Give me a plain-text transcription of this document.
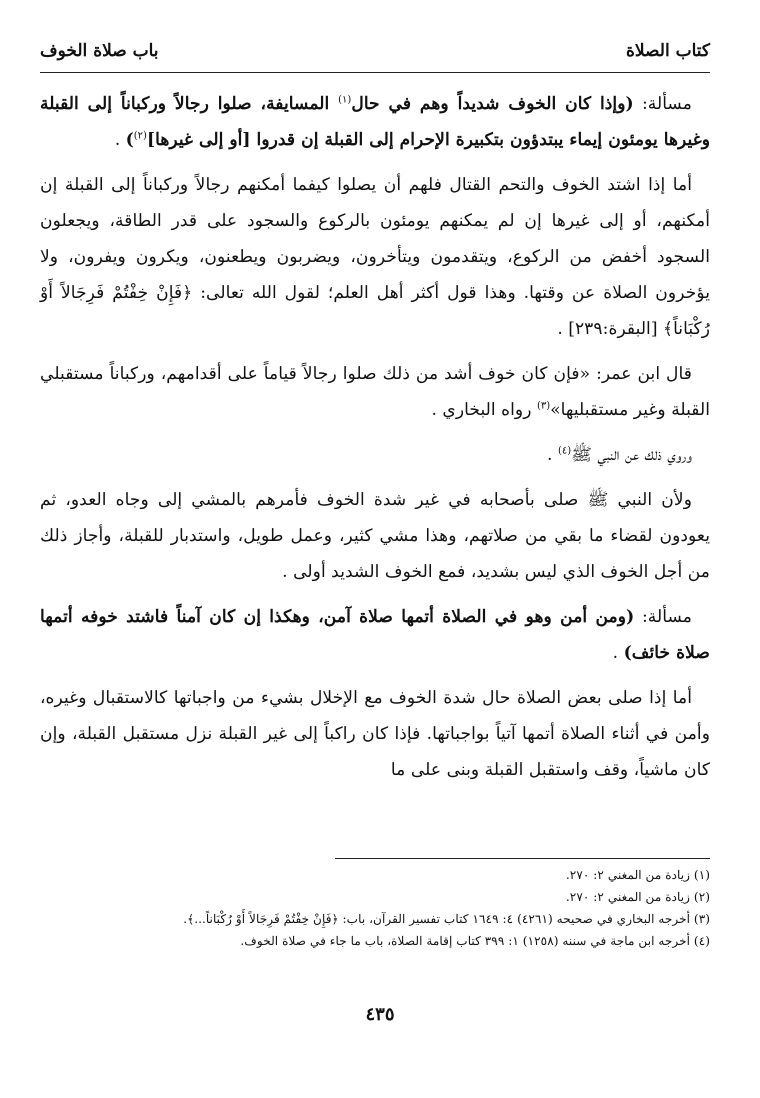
كتاب الصلاة
باب صلاة الخوف

مسألة: (وإذا كان الخوف شديداً وهم في حال$^{(١)}$ المسايفة، صلوا رجالاً وركباناً إلى القبلة وغيرها يومئون إيماء يبتدؤون بتكبيرة الإحرام إلى القبلة إن قدروا [أو إلى غيرها]$^{(٢)}$) .

أما إذا اشتد الخوف والتحم القتال فلهم أن يصلوا كيفما أمكنهم رجالاً وركباناً إلى القبلة إن أمكنهم، أو إلى غيرها إن لم يمكنهم يومئون بالركوع والسجود على قدر الطاقة، ويجعلون السجود أخفض من الركوع، ويتقدمون ويتأخرون، ويضربون ويطعنون، ويكرون ويفرون، ولا يؤخرون الصلاة عن وقتها. وهذا قول أكثر أهل العلم؛ لقول الله تعالى: ﴿فَإِنْ خِفْتُمْ فَرِجَالاً أَوْ رُكْبَاناً﴾ [البقرة:٢٣٩] .

قال ابن عمر: «فإن كان خوف أشد من ذلك صلوا رجالاً قياماً على أقدامهم، وركباناً مستقبلي القبلة وغير مستقبليها»$^{(٣)}$ رواه البخاري .

وروي ذلك عن النبي ﷺ$^{(٤)}$ .

ولأن النبي ﷺ صلى بأصحابه في غير شدة الخوف فأمرهم بالمشي إلى وجاه العدو، ثم يعودون لقضاء ما بقي من صلاتهم، وهذا مشي كثير، وعمل طويل، واستدبار للقبلة، وأجاز ذلك من أجل الخوف الذي ليس بشديد، فمع الخوف الشديد أولى .

مسألة: (ومن أمن وهو في الصلاة أتمها صلاة آمن، وهكذا إن كان آمناً فاشتد خوفه أتمها صلاة خائف) .

أما إذا صلى بعض الصلاة حال شدة الخوف مع الإخلال بشيء من واجباتها كالاستقبال وغيره، وأمن في أثناء الصلاة أتمها آتياً بواجباتها. فإذا كان راكباً إلى غير القبلة نزل مستقبل القبلة، وإن كان ماشياً، وقف واستقبل القبلة وبنى على ما

(١) زيادة من المغني ٢: ٢٧٠.
(٢) زيادة من المغني ٢: ٢٧٠.
(٣) أخرجه البخاري في صحيحه (٤٢٦١) ٤: ١٦٤٩ كتاب تفسير القرآن، باب: ﴿فَإِنْ خِفْتُمْ فَرِجَالاً أَوْ رُكْبَاناً...﴾.
(٤) أخرجه ابن ماجة في سننه (١٢٥٨) ١: ٣٩٩ كتاب إقامة الصلاة، باب ما جاء في صلاة الخوف.
٤٣٥
